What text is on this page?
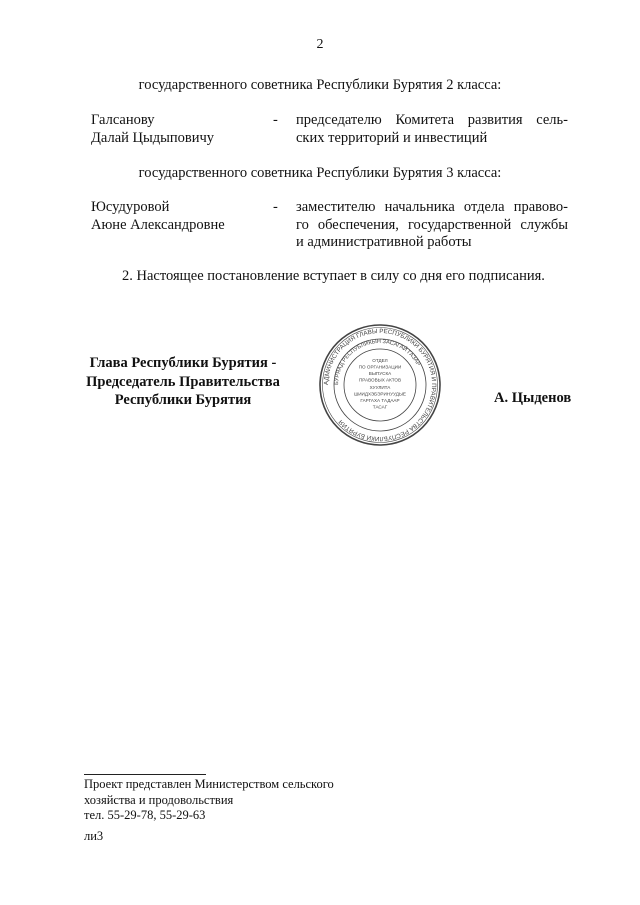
2
государственного советника Республики Бурятия 2 класса:
Галсанову
Далай Цыдыповичу
- председателю Комитета развития сель-
ских территорий и инвестиций
государственного советника Республики Бурятия 3 класса:
Юсудуровой
Аюне Александровне
- заместителю начальника отдела правово-
го обеспечения, государственной службы
и административной работы
2. Настоящее постановление вступает в силу со дня его подписания.
Глава Республики Бурятия -
Председатель Правительства
Республики Бурятия
АДМИНИСТРАЦИЯ ГЛАВЫ РЕСПУБЛИКИ БУРЯТИЯ И ПРАВИТЕЛЬСТВА РЕСПУБЛИКИ БУРЯТИЯ
БУРЯАД РЕСПУБЛИКЫН ЗАСАГАЙ ГАЗАР
ОТДЕЛ
ПО ОРГАНИЗАЦИИ
ВЫПУСКА
ПРАВОВЫХ АКТОВ
ХУУЛИТА
ШИИДХЭБЭРИНУУДЫЕ
ГАРГАХА ТАДААР
ТАСАГ
А. Цыденов
Проект представлен Министерством сельского
хозяйства и продовольствия
тел. 55-29-78, 55-29-63
ли3
